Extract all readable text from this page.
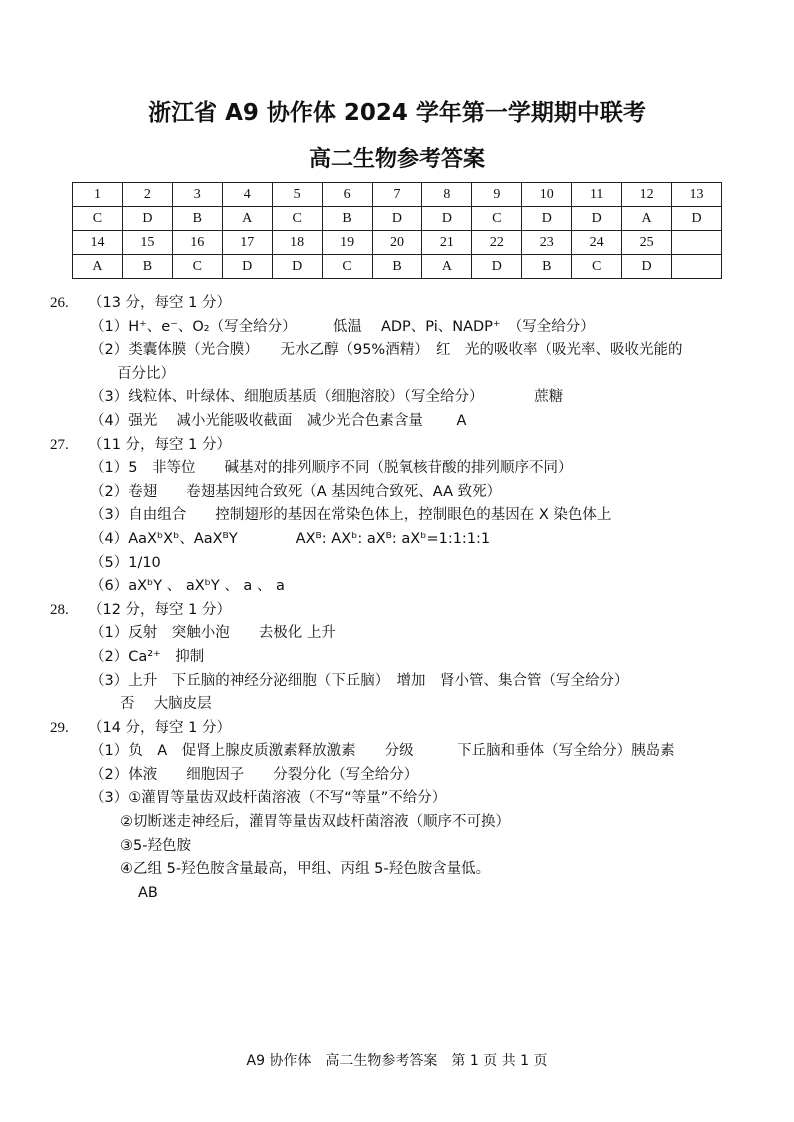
浙江省 A9 协作体 2024 学年第一学期期中联考
高二生物参考答案
1	2	3	4	5	6	7	8	9	10	11	12	13
C	D	B	A	C	B	D	D	C	D	D	A	D
14	15	16	17	18	19	20	21	22	23	24	25	
A	B	C	D	D	C	B	A	D	B	C	D	
26. （13 分，每空 1 分）
（1）H⁺、e⁻、O₂（写全给分）　　　低温　 ADP、Pi、NADP⁺　（写全给分）
（2）类囊体膜（光合膜）　　无水乙醇（95%酒精）　红　光的吸收率（吸光率、吸收光能的
百分比）
（3）线粒体、叶绿体、细胞质基质（细胞溶胶）（写全给分）　　　　蔗糖
（4）强光　 减小光能吸收截面　减少光合色素含量　　 A
27. （11 分，每空 1 分）
（1）5　非等位　　碱基对的排列顺序不同（脱氧核苷酸的排列顺序不同）
（2）卷翅　　卷翅基因纯合致死（A 基因纯合致死、AA 致死）
（3）自由组合　　控制翅形的基因在常染色体上，控制眼色的基因在 X 染色体上
（4）AaXᵇXᵇ、AaXᴮY　　　　AXᴮ: AXᵇ: aXᴮ: aXᵇ=1:1:1:1
（5）1/10
（6）aXᵇY 、 aXᵇY 、 a 、 a
28. （12 分，每空 1 分）
（1）反射　突触小泡　　去极化 上升
（2）Ca²⁺　抑制
（3）上升　下丘脑的神经分泌细胞（下丘脑）　增加　肾小管、集合管（写全给分）
否　 大脑皮层
29. （14 分，每空 1 分）
（1）负　A　促肾上腺皮质激素释放激素　　分级　　　下丘脑和垂体（写全给分）胰岛素
（2）体液　　细胞因子　　分裂分化（写全给分）
（3）①灌胃等量齿双歧杆菌溶液（不写“等量”不给分）
②切断迷走神经后，灌胃等量齿双歧杆菌溶液（顺序不可换）
③5-羟色胺
④乙组 5-羟色胺含量最高，甲组、丙组 5-羟色胺含量低。
AB
A9 协作体　高二生物参考答案　第 1 页 共 1 页
